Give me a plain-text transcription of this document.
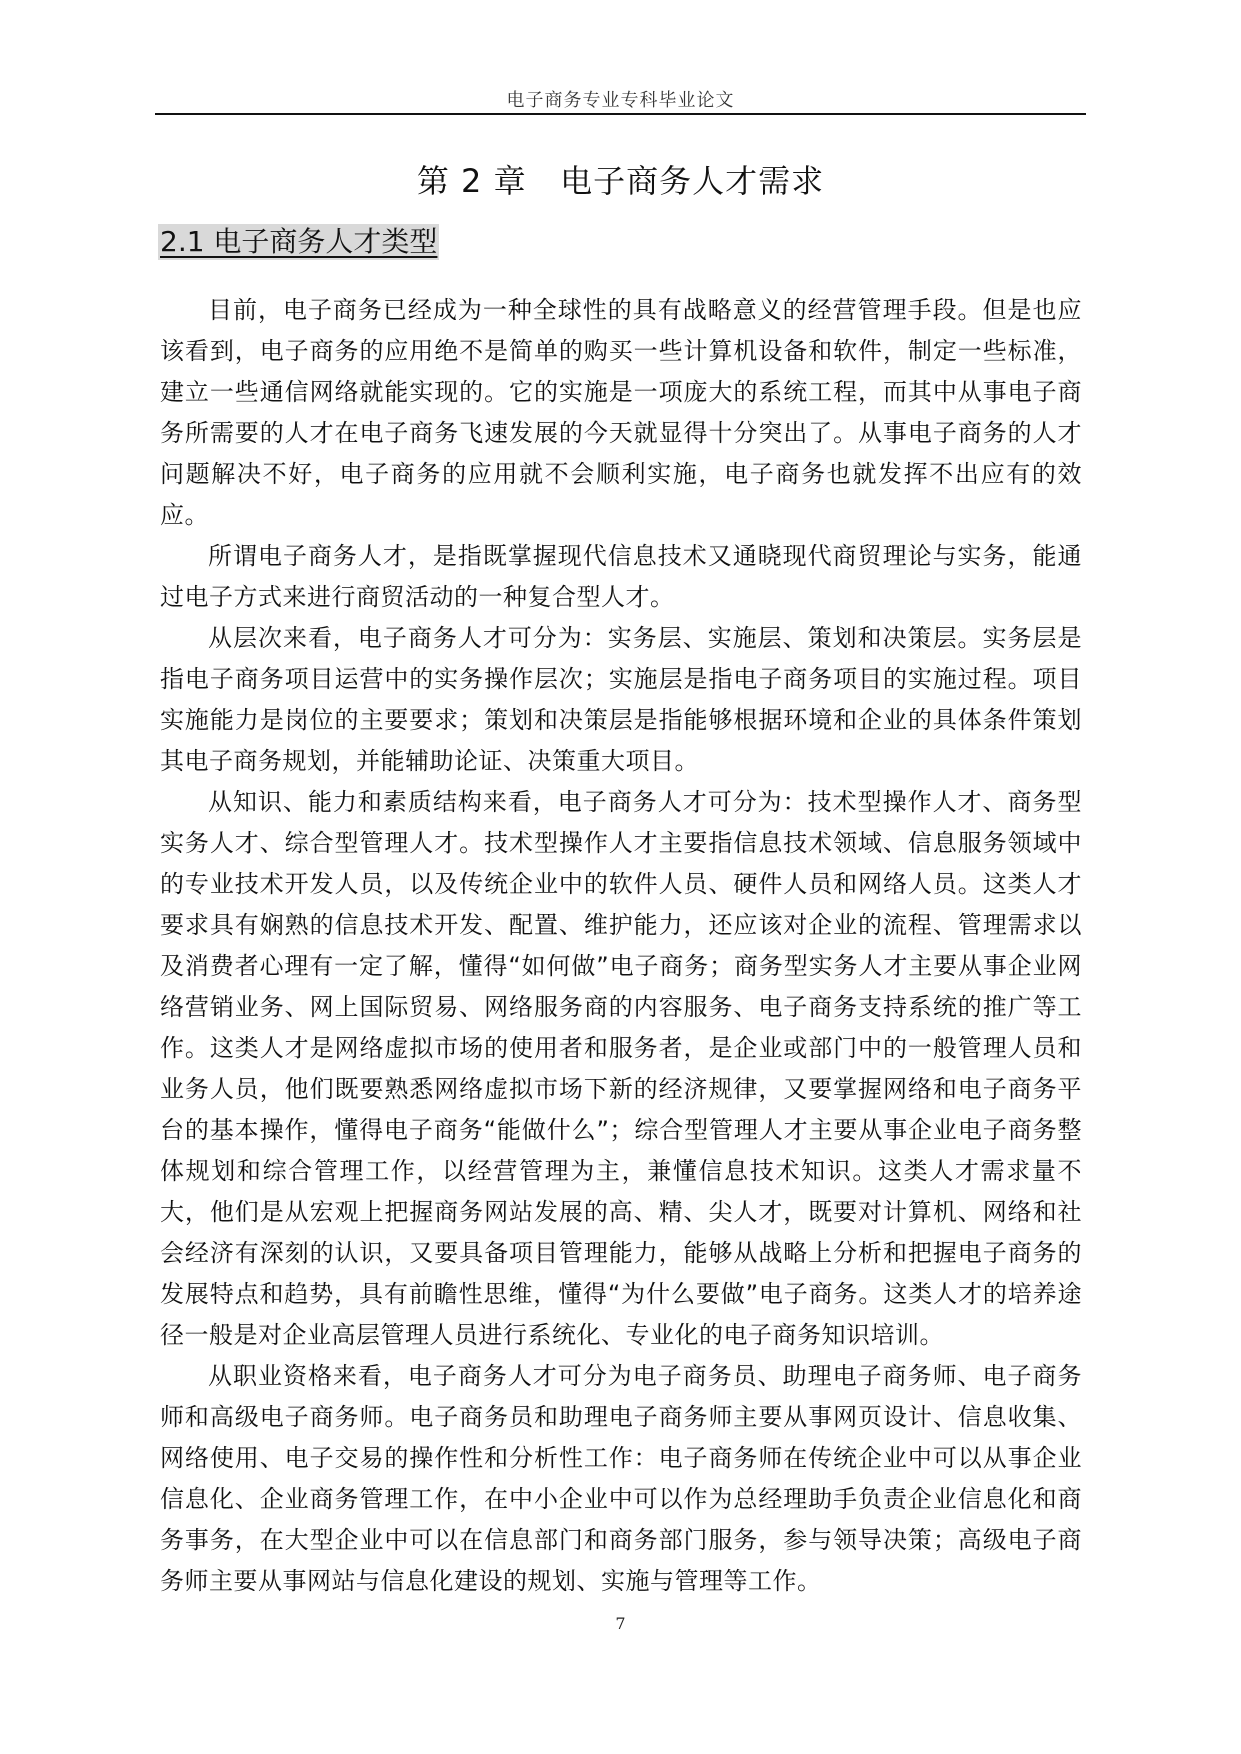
电子商务专业专科毕业论文
第 2 章   电子商务人才需求
2.1 电子商务人才类型

目前，电子商务已经成为一种全球性的具有战略意义的经营管理手段。但是也应该看到，电子商务的应用绝不是简单的购买一些计算机设备和软件，制定一些标准，建立一些通信网络就能实现的。它的实施是一项庞大的系统工程，而其中从事电子商务所需要的人才在电子商务飞速发展的今天就显得十分突出了。从事电子商务的人才问题解决不好，电子商务的应用就不会顺利实施，电子商务也就发挥不出应有的效应。

所谓电子商务人才，是指既掌握现代信息技术又通晓现代商贸理论与实务，能通过电子方式来进行商贸活动的一种复合型人才。

从层次来看，电子商务人才可分为：实务层、实施层、策划和决策层。实务层是指电子商务项目运营中的实务操作层次；实施层是指电子商务项目的实施过程。项目实施能力是岗位的主要要求；策划和决策层是指能够根据环境和企业的具体条件策划其电子商务规划，并能辅助论证、决策重大项目。

从知识、能力和素质结构来看，电子商务人才可分为：技术型操作人才、商务型实务人才、综合型管理人才。技术型操作人才主要指信息技术领域、信息服务领域中的专业技术开发人员，以及传统企业中的软件人员、硬件人员和网络人员。这类人才要求具有娴熟的信息技术开发、配置、维护能力，还应该对企业的流程、管理需求以及消费者心理有一定了解，懂得“如何做”电子商务；商务型实务人才主要从事企业网络营销业务、网上国际贸易、网络服务商的内容服务、电子商务支持系统的推广等工作。这类人才是网络虚拟市场的使用者和服务者，是企业或部门中的一般管理人员和业务人员，他们既要熟悉网络虚拟市场下新的经济规律，又要掌握网络和电子商务平台的基本操作，懂得电子商务“能做什么”；综合型管理人才主要从事企业电子商务整体规划和综合管理工作，以经营管理为主，兼懂信息技术知识。这类人才需求量不大，他们是从宏观上把握商务网站发展的高、精、尖人才，既要对计算机、网络和社会经济有深刻的认识，又要具备项目管理能力，能够从战略上分析和把握电子商务的发展特点和趋势，具有前瞻性思维，懂得“为什么要做”电子商务。这类人才的培养途径一般是对企业高层管理人员进行系统化、专业化的电子商务知识培训。

从职业资格来看，电子商务人才可分为电子商务员、助理电子商务师、电子商务师和高级电子商务师。电子商务员和助理电子商务师主要从事网页设计、信息收集、网络使用、电子交易的操作性和分析性工作：电子商务师在传统企业中可以从事企业信息化、企业商务管理工作，在中小企业中可以作为总经理助手负责企业信息化和商务事务，在大型企业中可以在信息部门和商务部门服务，参与领导决策；高级电子商务师主要从事网站与信息化建设的规划、实施与管理等工作。

7
